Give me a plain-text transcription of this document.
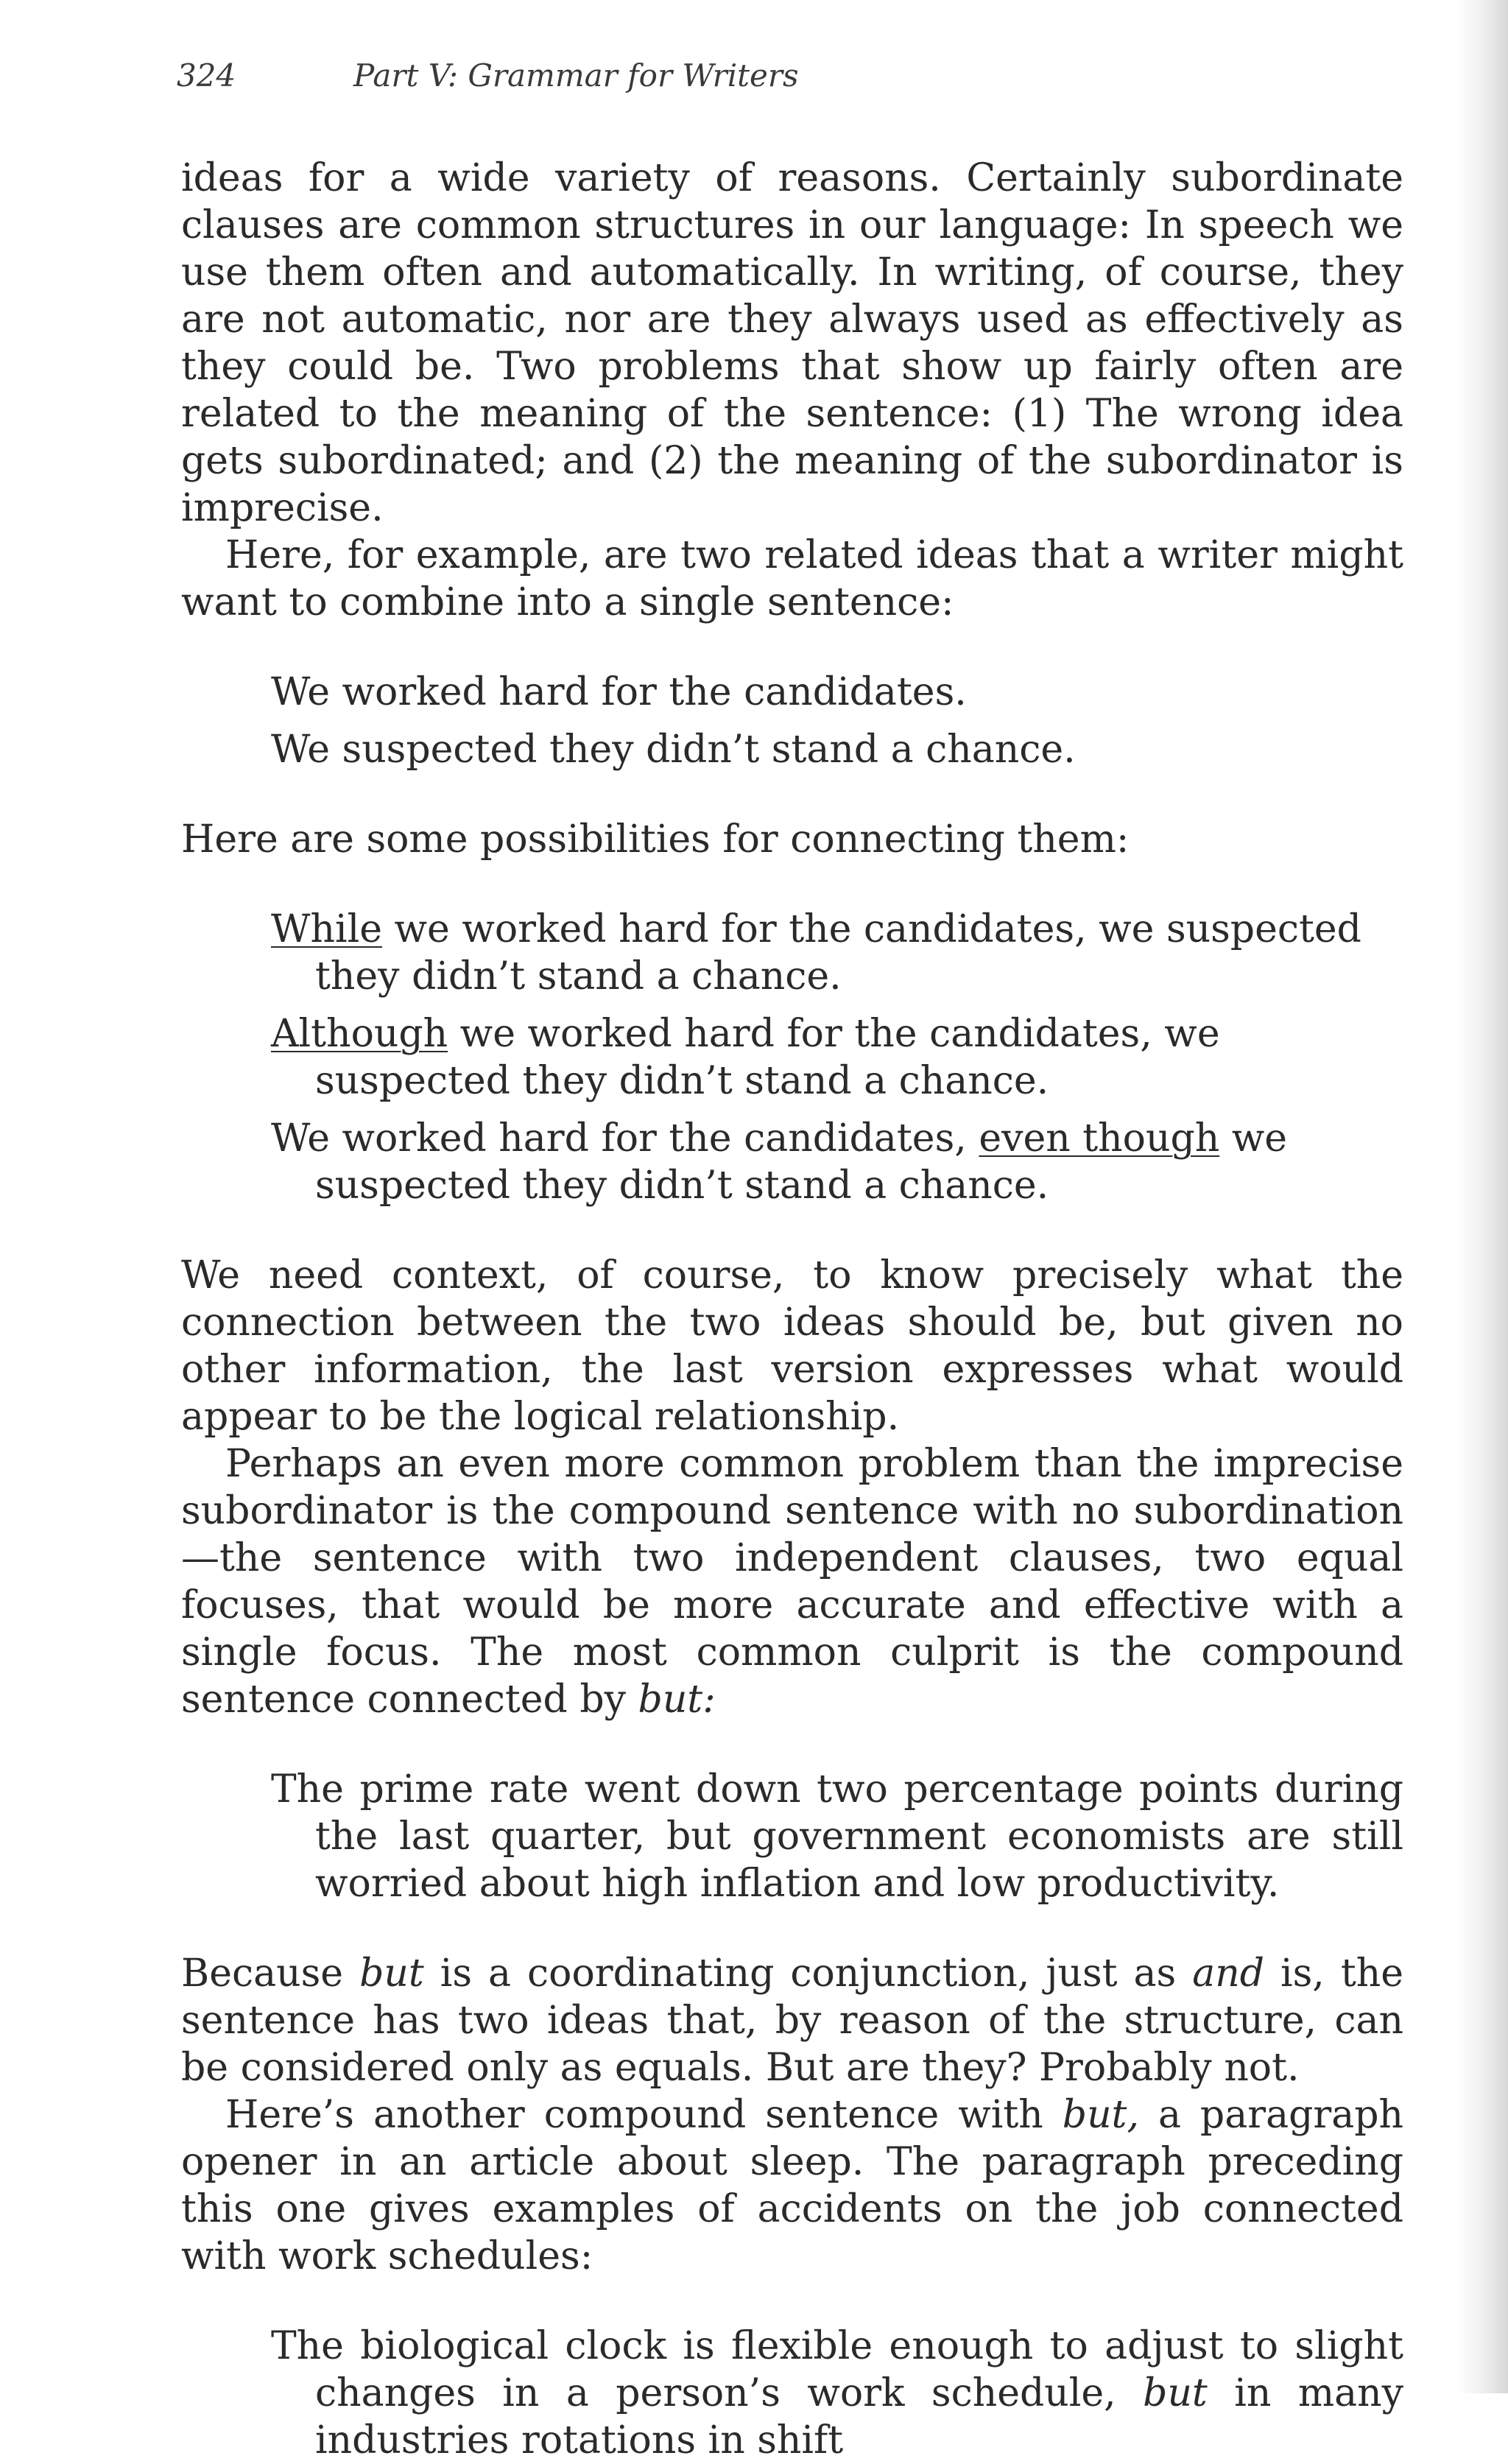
324	Part V: Grammar for Writers

ideas for a wide variety of reasons. Certainly subordinate clauses are common structures in our language: In speech we use them often and automatically. In writing, of course, they are not automatic, nor are they always used as effectively as they could be. Two problems that show up fairly often are related to the meaning of the sentence: (1) The wrong idea gets subordinated; and (2) the meaning of the subordinator is imprecise.

Here, for example, are two related ideas that a writer might want to combine into a single sentence:

We worked hard for the candidates.
We suspected they didn’t stand a chance.

Here are some possibilities for connecting them:

While we worked hard for the candidates, we suspected they didn’t stand a chance.
Although we worked hard for the candidates, we suspected they didn’t stand a chance.
We worked hard for the candidates, even though we suspected they didn’t stand a chance.

We need context, of course, to know precisely what the connection between the two ideas should be, but given no other information, the last version expresses what would appear to be the logical relationship.

Perhaps an even more common problem than the imprecise subordinator is the compound sentence with no subordination—the sentence with two independent clauses, two equal focuses, that would be more accurate and effective with a single focus. The most common culprit is the compound sentence connected by but:

The prime rate went down two percentage points during the last quarter, but government economists are still worried about high inflation and low productivity.

Because but is a coordinating conjunction, just as and is, the sentence has two ideas that, by reason of the structure, can be considered only as equals. But are they? Probably not.

Here’s another compound sentence with but, a paragraph opener in an article about sleep. The paragraph preceding this one gives examples of accidents on the job connected with work schedules:

The biological clock is flexible enough to adjust to slight changes in a person’s work schedule, but in many industries rotations in shift
